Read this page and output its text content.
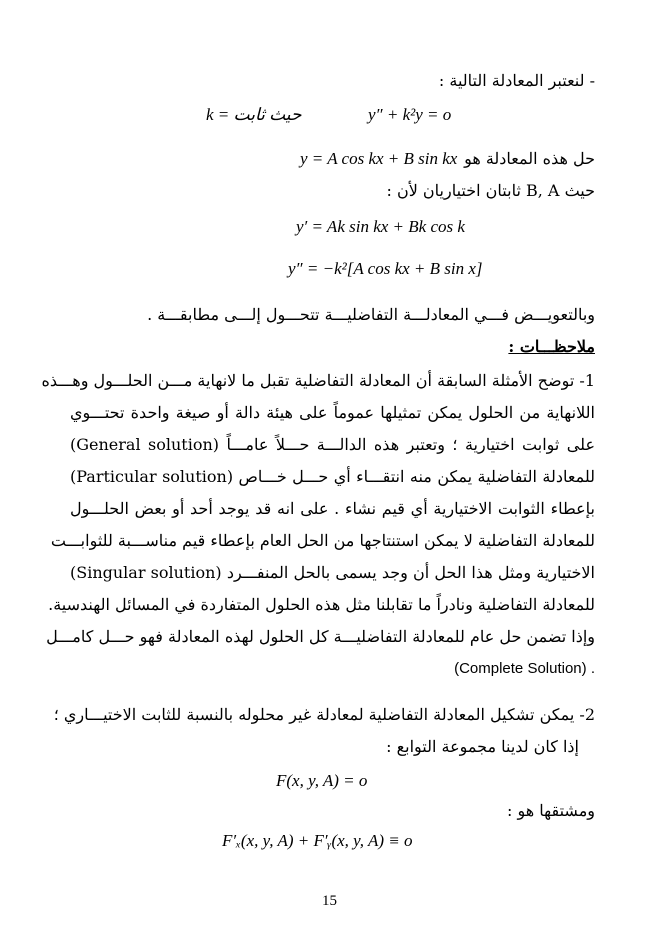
- لنعتبر المعادلة التالية :
k = حيث ثابت	y″ + k²y = o
حل هذه المعادلة هو
y = A cos kx + B sin kx
حيث B, A ثابتان اختياريان لأن :
y′ = Ak sin kx + Bk cos k
y″ = −k²[A cos kx + B sin x]
وبالتعويـــض فـــي المعادلـــة التفاضليـــة تتحـــول إلـــى مطابقـــة .
ملاحظـــات :
1- توضح الأمثلة السابقة أن المعادلة التفاضلية تقبل ما لانهاية مـــن الحلـــول وهـــذه
اللانهاية من الحلول يمكن تمثيلها عموماً على هيئة دالة أو صيغة واحدة تحتـــوي
على ثوابت اختيارية ؛ وتعتبر هذه الدالـــة حـــلاً عامـــاً (General solution)
للمعادلة التفاضلية يمكن منه انتقـــاء أي حـــل خـــاص (Particular solution)
بإعطاء الثوابت الاختيارية أي قيم نشاء . على انه قد يوجد أحد أو بعض الحلـــول
للمعادلة التفاضلية لا يمكن استنتاجها من الحل العام بإعطاء قيم مناســـبة للثوابـــت
الاختيارية ومثل هذا الحل أن وجد يسمى بالحل المنفـــرد (Singular solution)
للمعادلة التفاضلية ونادراً ما تقابلنا مثل هذه الحلول المتفاردة في المسائل الهندسية.
وإذا تضمن حل عام للمعادلة التفاضليـــة كل الحلول لهذه المعادلة فهو حـــل كامـــل
. (Complete Solution)
2- يمكن تشكيل المعادلة التفاضلية لمعادلة غير محلوله بالنسبة للثابت الاختيـــاري ؛
إذا كان لدينا مجموعة التوابع :
F(x, y, A) = o
ومشتقها هو :
F′ₓ(x, y, A) + F′ᵧ(x, y, A) ≡ o
15
